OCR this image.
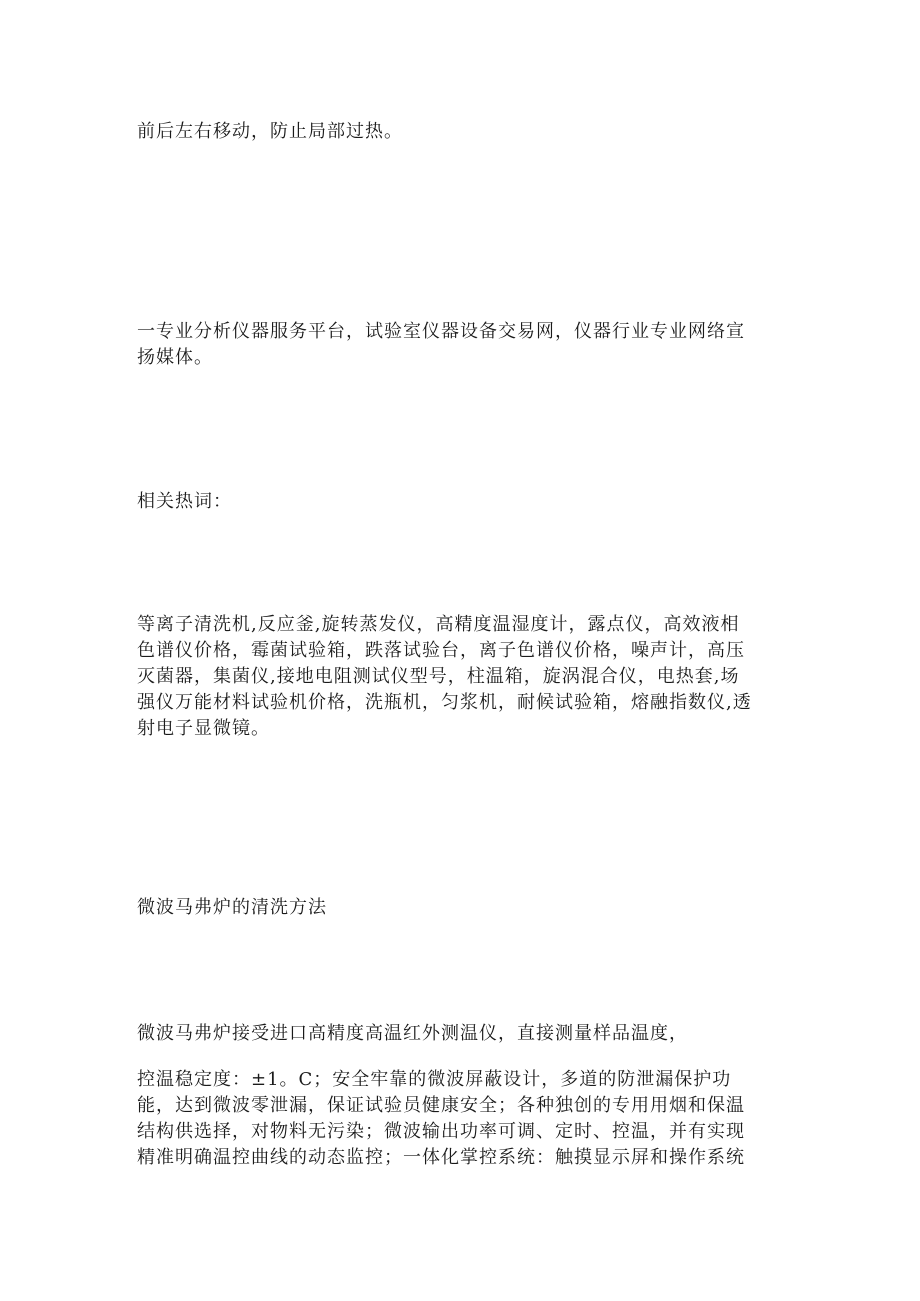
前后左右移动，防止局部过热。
一专业分析仪器服务平台，试验室仪器设备交易网，仪器行业专业网络宣
扬媒体。
相关热词：
等离子清洗机,反应釜,旋转蒸发仪，高精度温湿度计，露点仪，高效液相
色谱仪价格，霉菌试验箱，跌落试验台，离子色谱仪价格，噪声计，高压
灭菌器，集菌仪,接地电阻测试仪型号，柱温箱，旋涡混合仪，电热套,场
强仪万能材料试验机价格，洗瓶机，匀浆机，耐候试验箱，熔融指数仪,透
射电子显微镜。
微波马弗炉的清洗方法
微波马弗炉接受进口高精度高温红外测温仪，直接测量样品温度，
控温稳定度：±1。C；安全牢靠的微波屏蔽设计，多道的防泄漏保护功
能，达到微波零泄漏，保证试验员健康安全；各种独创的专用用烟和保温
结构供选择，对物料无污染；微波输出功率可调、定时、控温，并有实现
精准明确温控曲线的动态监控；一体化掌控系统：触摸显示屏和操作系统
